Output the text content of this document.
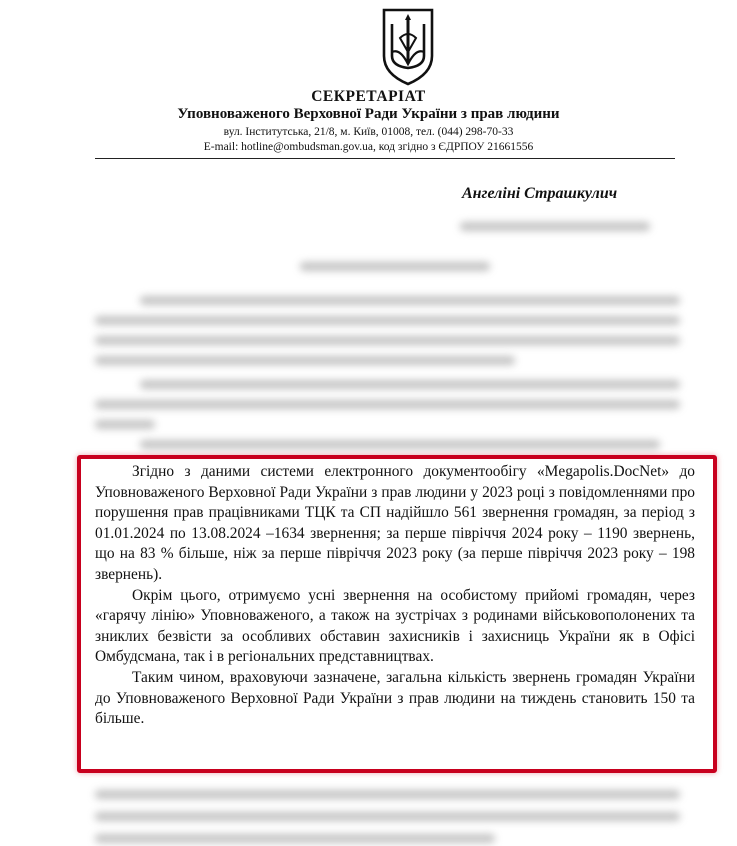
СЕКРЕТАРІАТ
Уповноваженого Верховної Ради України з прав людини
вул. Інститутська, 21/8, м. Київ, 01008, тел. (044) 298-70-33
E-mail: hotline@ombudsman.gov.ua, код згідно з ЄДРПОУ 21661556
Ангеліні Страшкулич

Згідно з даними системи електронного документообігу «Megapolis.DocNet» до Уповноваженого Верховної Ради України з прав людини у 2023 році з повідомленнями про порушення прав працівниками ТЦК та СП надійшло 561 звернення громадян, за період з 01.01.2024 по 13.08.2024 –1634 звернення; за перше півріччя 2024 року – 1190 звернень, що на 83 % більше, ніж за перше півріччя 2023 року (за перше півріччя 2023 року – 198 звернень).

Окрім цього, отримуємо усні звернення на особистому прийомі громадян, через «гарячу лінію» Уповноваженого, а також на зустрічах з родинами військовополонених та зниклих безвісти за особливих обставин захисників і захисниць України як в Офісі Омбудсмана, так і в регіональних представництвах.

Таким чином, враховуючи зазначене, загальна кількість звернень громадян України до Уповноваженого Верховної Ради України з прав людини на тиждень становить 150 та більше.
